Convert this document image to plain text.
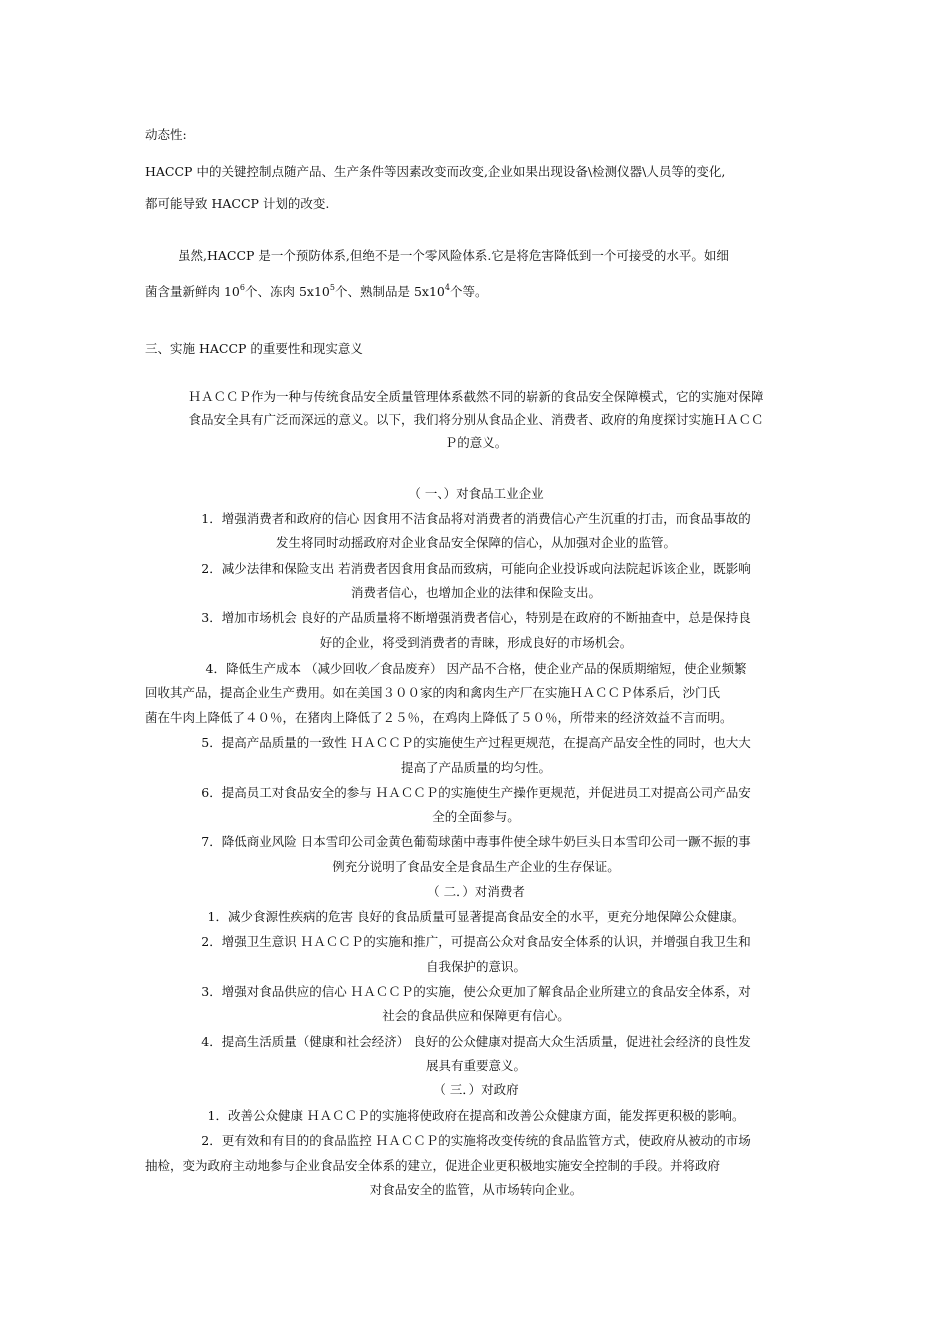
动态性:
HACCP 中的关键控制点随产品、生产条件等因素改变而改变,企业如果出现设备\检测仪器\人员等的变化,
都可能导致 HACCP 计划的改变.
虽然,HACCP 是一个预防体系,但绝不是一个零风险体系.它是将危害降低到一个可接受的水平。如细
菌含量新鲜肉 $10^6$个、冻肉 $5x10^5$个、熟制品是 $5x10^4$个等。
三、实施 HACCP 的重要性和现实意义
ＨＡＣＣＰ作为一种与传统食品安全质量管理体系截然不同的崭新的食品安全保障模式，它的实施对保障
食品安全具有广泛而深远的意义。以下，我们将分别从食品企业、消费者、政府的角度探讨实施ＨＡＣＣ
Ｐ的意义。
（ 一、）对食品工业企业
1．增强消费者和政府的信心 因食用不洁食品将对消费者的消费信心产生沉重的打击，而食品事故的
发生将同时动摇政府对企业食品安全保障的信心，从加强对企业的监管。
2．减少法律和保险支出 若消费者因食用食品而致病，可能向企业投诉或向法院起诉该企业，既影响
消费者信心，也增加企业的法律和保险支出。
3．增加市场机会 良好的产品质量将不断增强消费者信心，特别是在政府的不断抽查中，总是保持良
好的企业，将受到消费者的青睐，形成良好的市场机会。
4．降低生产成本 （减少回收／食品废弃） 因产品不合格，使企业产品的保质期缩短，使企业频繁
回收其产品，提高企业生产费用。如在美国３００家的肉和禽肉生产厂在实施ＨＡＣＣＰ体系后，沙门氏
菌在牛肉上降低了４０％，在猪肉上降低了２５％，在鸡肉上降低了５０％，所带来的经济效益不言而明。
5．提高产品质量的一致性 ＨＡＣＣＰ的实施使生产过程更规范，在提高产品安全性的同时，也大大
提高了产品质量的均匀性。
6．提高员工对食品安全的参与 ＨＡＣＣＰ的实施使生产操作更规范，并促进员工对提高公司产品安
全的全面参与。
7．降低商业风险 日本雪印公司金黄色葡萄球菌中毒事件使全球牛奶巨头日本雪印公司一蹶不振的事
例充分说明了食品安全是食品生产企业的生存保证。
（ 二．）对消费者
1．减少食源性疾病的危害 良好的食品质量可显著提高食品安全的水平，更充分地保障公众健康。
2．增强卫生意识 ＨＡＣＣＰ的实施和推广，可提高公众对食品安全体系的认识，并增强自我卫生和
自我保护的意识。
3．增强对食品供应的信心 ＨＡＣＣＰ的实施，使公众更加了解食品企业所建立的食品安全体系，对
社会的食品供应和保障更有信心。
4．提高生活质量（健康和社会经济） 良好的公众健康对提高大众生活质量，促进社会经济的良性发
展具有重要意义。
（ 三．）对政府
1．改善公众健康 ＨＡＣＣＰ的实施将使政府在提高和改善公众健康方面，能发挥更积极的影响。
2．更有效和有目的的食品监控 ＨＡＣＣＰ的实施将改变传统的食品监管方式，使政府从被动的市场
抽检，变为政府主动地参与企业食品安全体系的建立，促进企业更积极地实施安全控制的手段。并将政府
对食品安全的监管，从市场转向企业。
